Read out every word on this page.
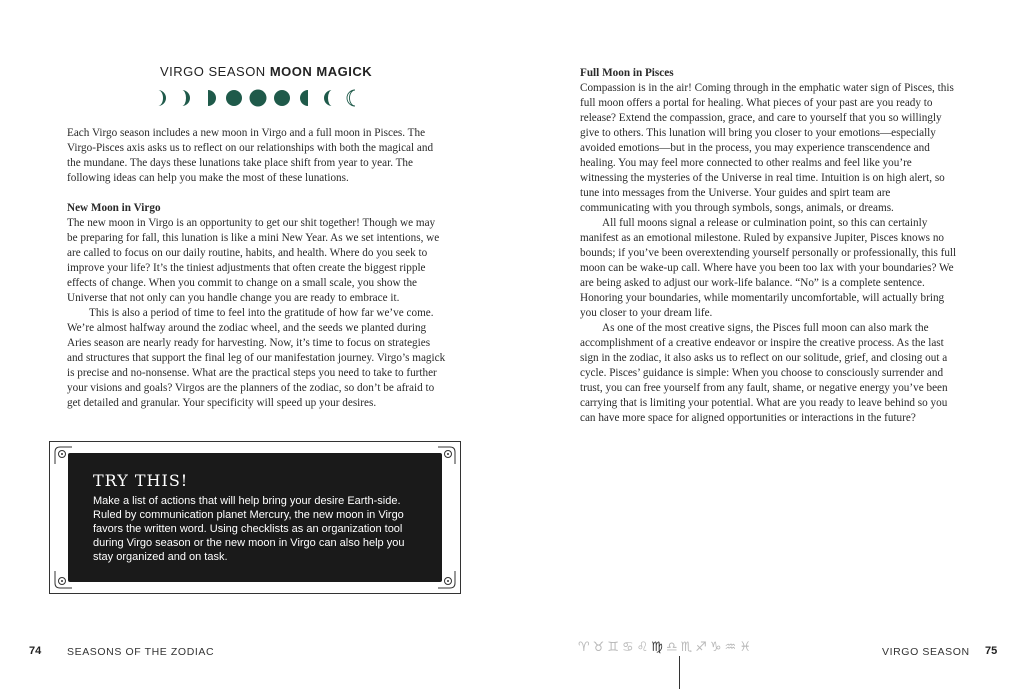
VIRGO SEASON MOON MAGICK

Each Virgo season includes a new moon in Virgo and a full moon in Pisces. The Virgo-Pisces axis asks us to reflect on our relationships with both the magical and the mundane. The days these lunations take place shift from year to year. The following ideas can help you make the most of these lunations.

New Moon in Virgo

The new moon in Virgo is an opportunity to get our shit together! Though we may be preparing for fall, this lunation is like a mini New Year. As we set intentions, we are called to focus on our daily routine, habits, and health. Where do you seek to improve your life? It’s the tiniest adjustments that often create the biggest ripple effects of change. When you commit to change on a small scale, you show the Universe that not only can you handle change you are ready to embrace it.

This is also a period of time to feel into the gratitude of how far we’ve come. We’re almost halfway around the zodiac wheel, and the seeds we planted during Aries season are nearly ready for harvesting. Now, it’s time to focus on strategies and structures that support the final leg of our manifestation journey. Virgo’s magick is precise and no-nonsense. What are the practical steps you need to take to further your visions and goals? Virgos are the planners of the zodiac, so don’t be afraid to get detailed and granular. Your specificity will speed up your desires.

TRY THIS!
Make a list of actions that will help bring your desire Earth-side. Ruled by communication planet Mercury, the new moon in Virgo favors the written word. Using checklists as an organization tool during Virgo season or the new moon in Virgo can also help you stay organized and on task.
74 SEASONS OF THE ZODIAC
Full Moon in Pisces

Compassion is in the air! Coming through in the emphatic water sign of Pisces, this full moon offers a portal for healing. What pieces of your past are you ready to release? Extend the compassion, grace, and care to yourself that you so willingly give to others. This lunation will bring you closer to your emotions—especially avoided emotions—but in the process, you may experience transcendence and healing. You may feel more connected to other realms and feel like you’re witnessing the mysteries of the Universe in real time. Intuition is on high alert, so tune into messages from the Universe. Your guides and spirt team are communicating with you through symbols, songs, animals, or dreams.

All full moons signal a release or culmination point, so this can certainly manifest as an emotional milestone. Ruled by expansive Jupiter, Pisces knows no bounds; if you’ve been overextending yourself personally or professionally, this full moon can be wake-up call. Where have you been too lax with your boundaries? We are being asked to adjust our work-life balance. “No” is a complete sentence. Honoring your boundaries, while momentarily uncomfortable, will actually bring you closer to your dream life.

As one of the most creative signs, the Pisces full moon can also mark the accomplishment of a creative endeavor or inspire the creative process. As the last sign in the zodiac, it also asks us to reflect on our solitude, grief, and closing out a cycle. Pisces’ guidance is simple: When you choose to consciously surrender and trust, you can free yourself from any fault, shame, or negative energy you’ve been carrying that is limiting your potential. What are you ready to leave behind so you can have more space for aligned opportunities or interactions in the future?

♈︎♉︎♊︎♋︎♌︎♍︎♎︎♏︎♐︎♑︎♒︎♓︎	VIRGO SEASON 75
